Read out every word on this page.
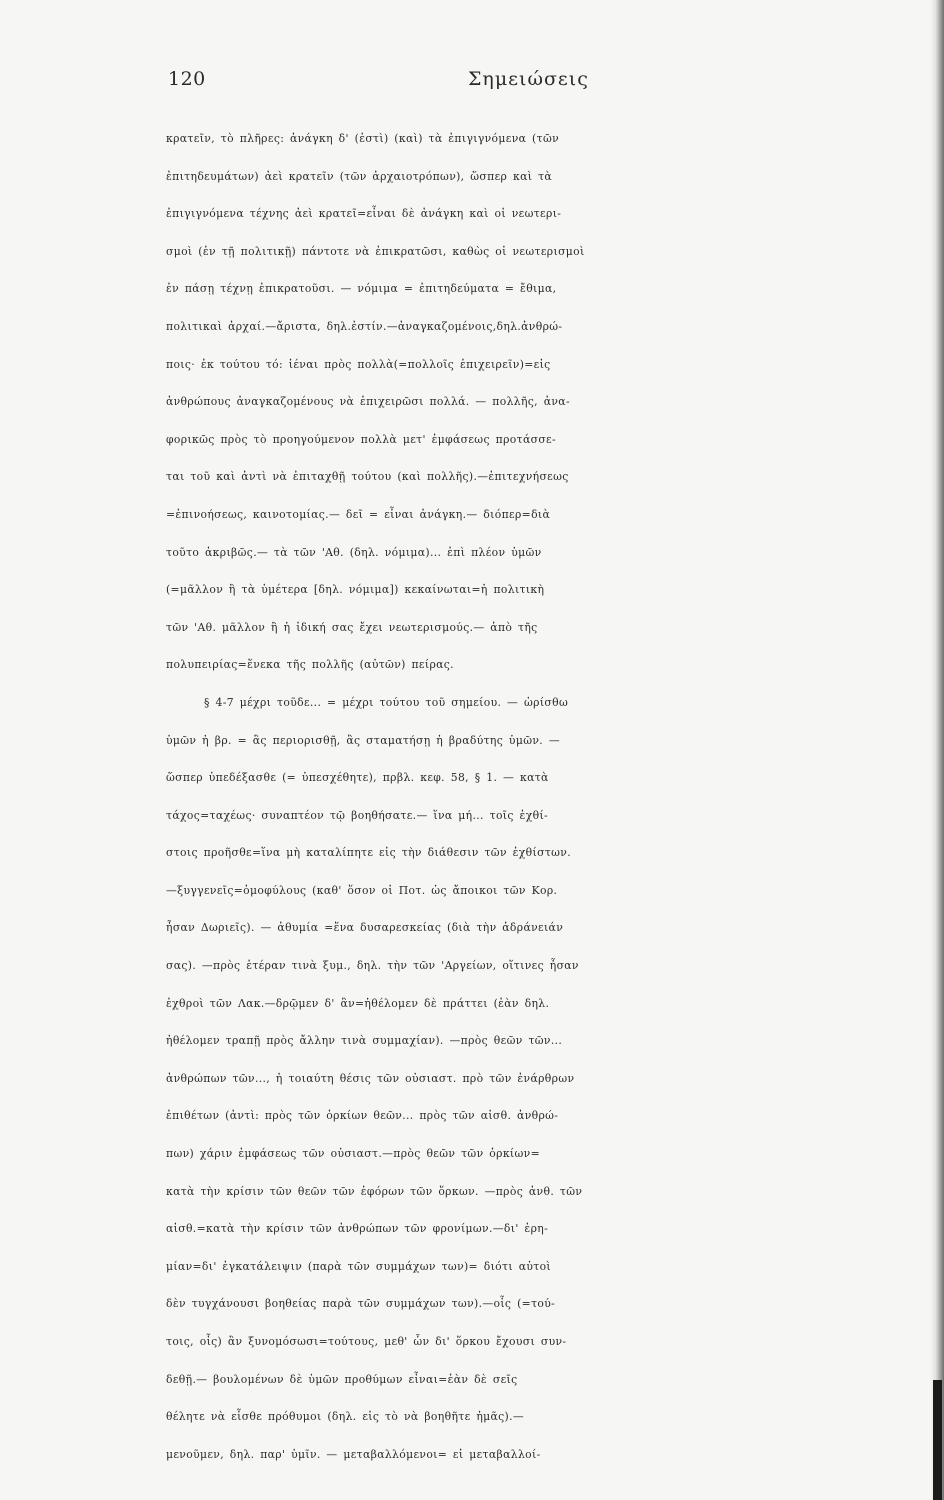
120	Σημειώσεις
κρατεῖν, τὸ πλῆρες: ἀνάγκη δ' (ἐστὶ) (καὶ) τὰ ἐπιγιγνόμενα (τῶν
ἐπιτηδευμάτων) ἀεὶ κρατεῖν (τῶν ἀρχαιοτρόπων), ὥσπερ καὶ τὰ
ἐπιγιγνόμενα τέχνης ἀεὶ κρατεῖ=εἶναι δὲ ἀνάγκη καὶ οἱ νεωτερι-
σμοὶ (ἐν τῇ πολιτικῇ) πάντοτε νὰ ἐπικρατῶσι, καθὼς οἱ νεωτερισμοὶ
ἐν πάσῃ τέχνῃ ἐπικρατοῦσι. — νόμιμα = ἐπιτηδεύματα = ἔθιμα,
πολιτικαὶ ἀρχαί.—ἄριστα, δηλ.ἐστίν.—ἀναγκαζομένοις,δηλ.ἀνθρώ-
ποις· ἐκ τούτου τό: ἰέναι πρὸς πολλὰ(=πολλοῖς ἐπιχειρεῖν)=εἰς
ἀνθρώπους ἀναγκαζομένους νὰ ἐπιχειρῶσι πολλά. — πολλῆς, ἀνα-
φορικῶς πρὸς τὸ προηγούμενον πολλὰ μετ' ἐμφάσεως προτάσσε-
ται τοῦ καὶ ἀντὶ νὰ ἐπιταχθῇ τούτου (καὶ πολλῆς).—ἐπιτεχνήσεως
=ἐπινοήσεως, καινοτομίας.— δεῖ = εἶναι ἀνάγκη.— διόπερ=διὰ
τοῦτο ἀκριβῶς.— τὰ τῶν 'Αθ. (δηλ. νόμιμα)... ἐπὶ πλέον ὑμῶν
(=μᾶλλον ἢ τὰ ὑμέτερα [δηλ. νόμιμα]) κεκαίνωται=ἡ πολιτικὴ
τῶν 'Αθ. μᾶλλον ἢ ἡ ἰδική σας ἔχει νεωτερισμούς.— ἀπὸ τῆς
πολυπειρίας=ἕνεκα τῆς πολλῆς (αὐτῶν) πείρας.
§ 4-7 μέχρι τοῦδε... = μέχρι τούτου τοῦ σημείου. — ὡρίσθω
ὑμῶν ἡ βρ. = ἂς περιορισθῇ, ἂς σταματήσῃ ἡ βραδύτης ὑμῶν. —
ὥσπερ ὑπεδέξασθε (= ὑπεσχέθητε), πρβλ. κεφ. 58, § 1. — κατὰ
τάχος=ταχέως· συναπτέον τῷ βοηθήσατε.— ἵνα μή... τοῖς ἐχθί-
στοις προῆσθε=ἵνα μὴ καταλίπητε εἰς τὴν διάθεσιν τῶν ἐχθίστων.
—ξυγγενεῖς=ὁμοφύλους (καθ' ὅσον οἱ Ποτ. ὡς ἄποικοι τῶν Κορ.
ἦσαν Δωριεῖς). — ἀθυμία =ἕνα δυσαρεσκείας (διὰ τὴν ἀδράνειάν
σας). —πρὸς ἑτέραν τινὰ ξυμ., δηλ. τὴν τῶν 'Αργείων, οἵτινες ἦσαν
ἐχθροὶ τῶν Λακ.—δρῷμεν δ' ἂν=ἠθέλομεν δὲ πράττει (ἐὰν δηλ.
ἠθέλομεν τραπῇ πρὸς ἄλλην τινὰ συμμαχίαν). —πρὸς θεῶν τῶν...
ἀνθρώπων τῶν..., ἡ τοιαύτη θέσις τῶν οὐσιαστ. πρὸ τῶν ἐνάρθρων
ἐπιθέτων (ἀντὶ: πρὸς τῶν ὁρκίων θεῶν... πρὸς τῶν αἰσθ. ἀνθρώ-
πων) χάριν ἐμφάσεως τῶν οὐσιαστ.—πρὸς θεῶν τῶν ὁρκίων=
κατὰ τὴν κρίσιν τῶν θεῶν τῶν ἐφόρων τῶν ὅρκων. —πρὸς ἀνθ. τῶν
αἰσθ.=κατὰ τὴν κρίσιν τῶν ἀνθρώπων τῶν φρονίμων.—δι' ἐρη-
μίαν=δι' ἐγκατάλειψιν (παρὰ τῶν συμμάχων των)= διότι αὐτοὶ
δὲν τυγχάνουσι βοηθείας παρὰ τῶν συμμάχων των).—οἷς (=τού-
τοις, οἷς) ἂν ξυνομόσωσι=τούτους, μεθ' ὧν δι' ὅρκου ἔχουσι συν-
δεθῇ.— βουλομένων δὲ ὑμῶν προθύμων εἶναι=ἐὰν δὲ σεῖς
θέλητε νὰ εἶσθε πρόθυμοι (δηλ. εἰς τὸ νὰ βοηθῆτε ἡμᾶς).—
μενοῦμεν, δηλ. παρ' ὑμῖν. — μεταβαλλόμενοι= εἰ μεταβαλλοί-
